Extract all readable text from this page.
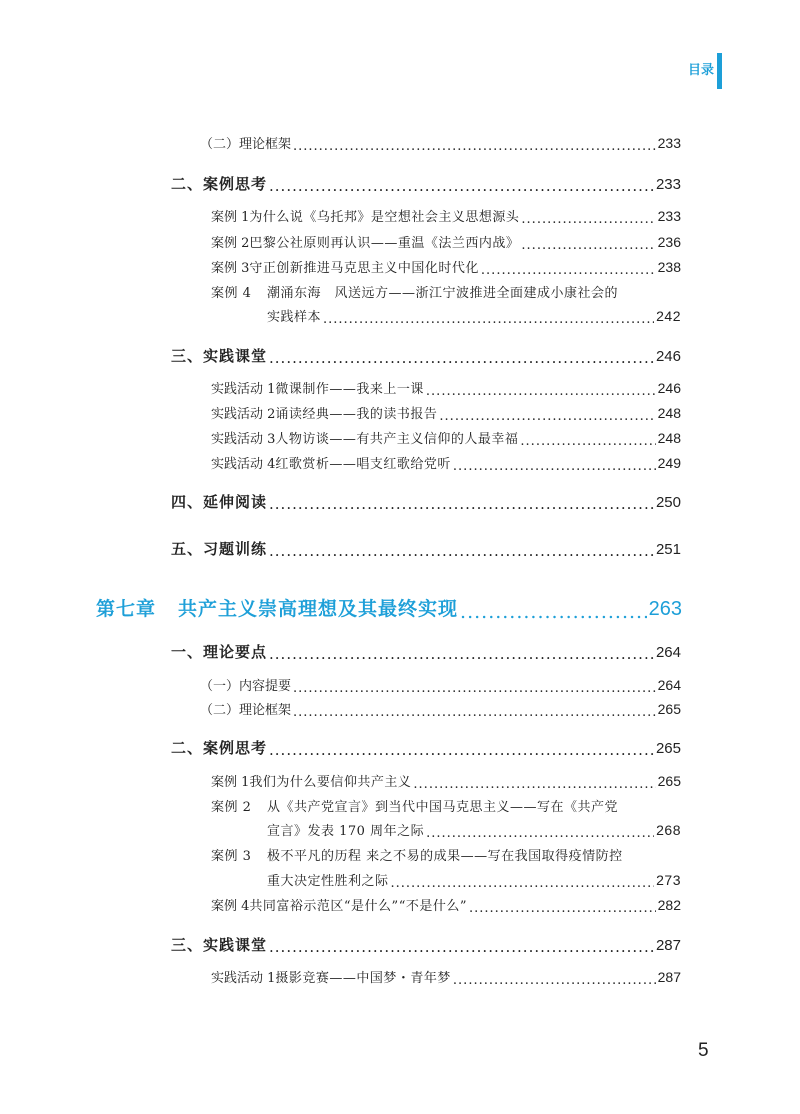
目录
（二）理论框架 .....	233
二、案例思考 .....	233
案例 1 为什么说《乌托邦》是空想社会主义思想源头 .....	233
案例 2 巴黎公社原则再认识——重温《法兰西内战》 .....	236
案例 3 守正创新推进马克思主义中国化时代化 .....	238
案例 4 潮涌东海　风送远方——浙江宁波推进全面建成小康社会的
实践样本 .....	242
三、实践课堂 .....	246
实践活动 1 微课制作——我来上一课 .....	246
实践活动 2 诵读经典——我的读书报告 .....	248
实践活动 3 人物访谈——有共产主义信仰的人最幸福 .....	248
实践活动 4 红歌赏析——唱支红歌给党听 .....	249
四、延伸阅读 .....	250
五、习题训练 .....	251
第七章 共产主义崇高理想及其最终实现 .....	263
一、理论要点 .....	264
（一）内容提要 .....	264
（二）理论框架 .....	265
二、案例思考 .....	265
案例 1 我们为什么要信仰共产主义 .....	265
案例 2 从《共产党宣言》到当代中国马克思主义——写在《共产党
宣言》发表 170 周年之际 .....	268
案例 3 极不平凡的历程 来之不易的成果——写在我国取得疫情防控
重大决定性胜利之际 .....	273
案例 4 共同富裕示范区“是什么”“不是什么” .....	282
三、实践课堂 .....	287
实践活动 1 摄影竞赛——中国梦・青年梦 .....	287
5
